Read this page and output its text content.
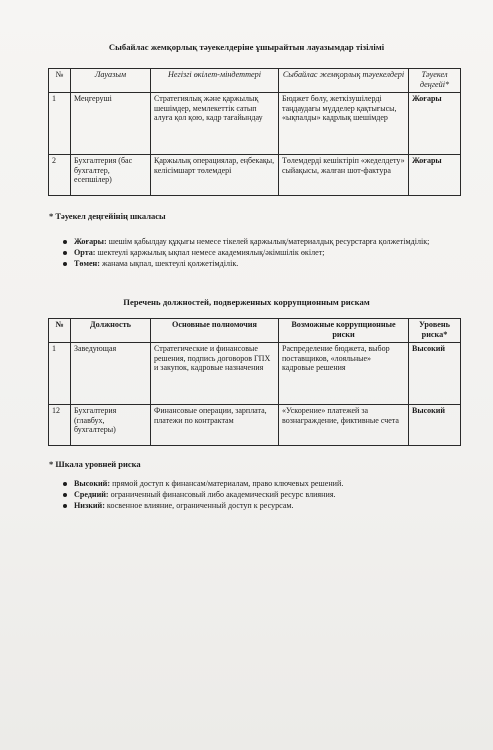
Сыбайлас жемқорлық тәуекелдеріне ұшырайтын лауазымдар тізілімі
№	Лауазым	Негізгі өкілет-міндеттері	Сыбайлас жемқорлық тәуекелдері	Тәуекел деңгейі*
1	Меңгеруші	Стратегиялық және қаржылық шешімдер, мемлекеттік сатып алуға қол қою, кадр тағайындау	Бюджет бөлу, жеткізушілерді таңдаудағы мүдделер қақтығысы, «ықпалды» кадрлық шешімдер	Жоғары
2	Бухгалтерия (бас бухгалтер, есепшілер)	Қаржылық операциялар, еңбекақы, келісімшарт төлемдері	Төлемдерді кешіктіріп «жеделдету» сыйақысы, жалған шот-фактура	Жоғары
* Тәуекел деңгейінің шкаласы
Жоғары: шешім қабылдау құқығы немесе тікелей қаржылық/материалдық ресурстарға қолжетімділік;
Орта: шектеулі қаржылық ықпал немесе академиялық/әкімшілік өкілет;
Төмен: жанама ықпал, шектеулі қолжетімділік.
Перечень должностей, подверженных коррупционным рискам
№	Должность	Основные полномочия	Возможные коррупционные риски	Уровень риска*
1	Заведующая	Стратегические и финансовые решения, подпись договоров ГПХ и закупок, кадровые назначения	Распределение бюджета, выбор поставщиков, «лояльные» кадровые решения	Высокий
12	Бухгалтерия (главбух, бухгалтеры)	Финансовые операции, зарплата, платежи по контрактам	«Ускорение» платежей за вознаграждение, фиктивные счета	Высокий
* Шкала уровней риска
Высокий: прямой доступ к финансам/материалам, право ключевых решений.
Средний: ограниченный финансовый либо академический ресурс влияния.
Низкий: косвенное влияние, ограниченный доступ к ресурсам.
